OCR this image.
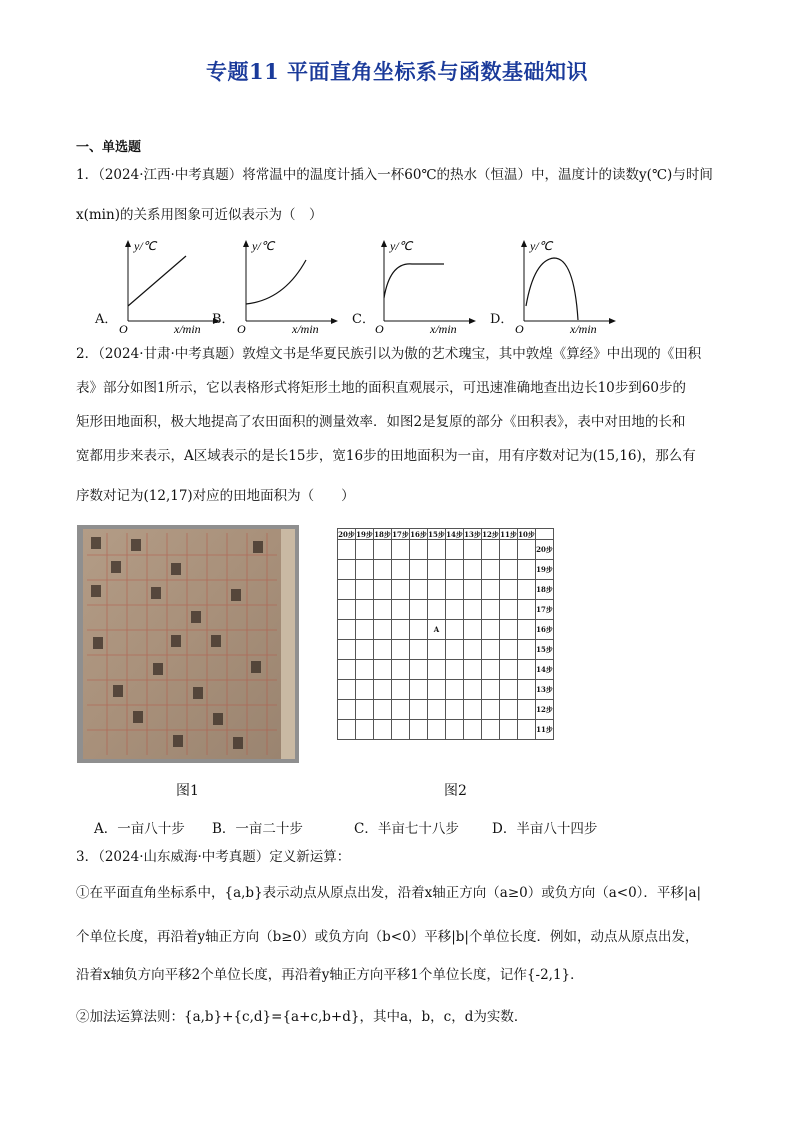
专题11 平面直角坐标系与函数基础知识
一、单选题
1．（2024·江西·中考真题）将常温中的温度计插入一杯60℃的热水（恒温）中，温度计的读数y(℃)与时间
x(min)的关系用图象可近似表示为（　）
A．
y/℃
O	x/min
B．
y/℃
O	x/min
C．
y/℃
O	x/min
D．
y/℃
O	x/min
2．（2024·甘肃·中考真题）敦煌文书是华夏民族引以为傲的艺术瑰宝，其中敦煌《算经》中出现的《田积
表》部分如图1所示，它以表格形式将矩形土地的面积直观展示，可迅速准确地查出边长10步到60步的
矩形田地面积，极大地提高了农田面积的测量效率．如图2是复原的部分《田积表》，表中对田地的长和
宽都用步来表示，A区域表示的是长15步，宽16步的田地面积为一亩，用有序数对记为(15,16)，那么有
序数对记为(12,17)对应的田地面积为（　　）
20步	19步	18步	17步	16步	15步	14步	13步	12步	11步	10步	
											20步
											19步
											18步
											17步
					A						16步
											15步
											14步
											13步
											12步
											11步
图1	图2
A．一亩八十步 B．一亩二十步	C．半亩七十八步 D．半亩八十四步
3．（2024·山东威海·中考真题）定义新运算：
①在平面直角坐标系中，{a,b}表示动点从原点出发，沿着x轴正方向（a≥0）或负方向（a<0）．平移|a|
个单位长度，再沿着y轴正方向（b≥0）或负方向（b<0）平移|b|个单位长度．例如，动点从原点出发，
沿着x轴负方向平移2个单位长度，再沿着y轴正方向平移1个单位长度，记作{-2,1}．
②加法运算法则：{a,b}+{c,d}={a+c,b+d}，其中a，b，c，d为实数．
